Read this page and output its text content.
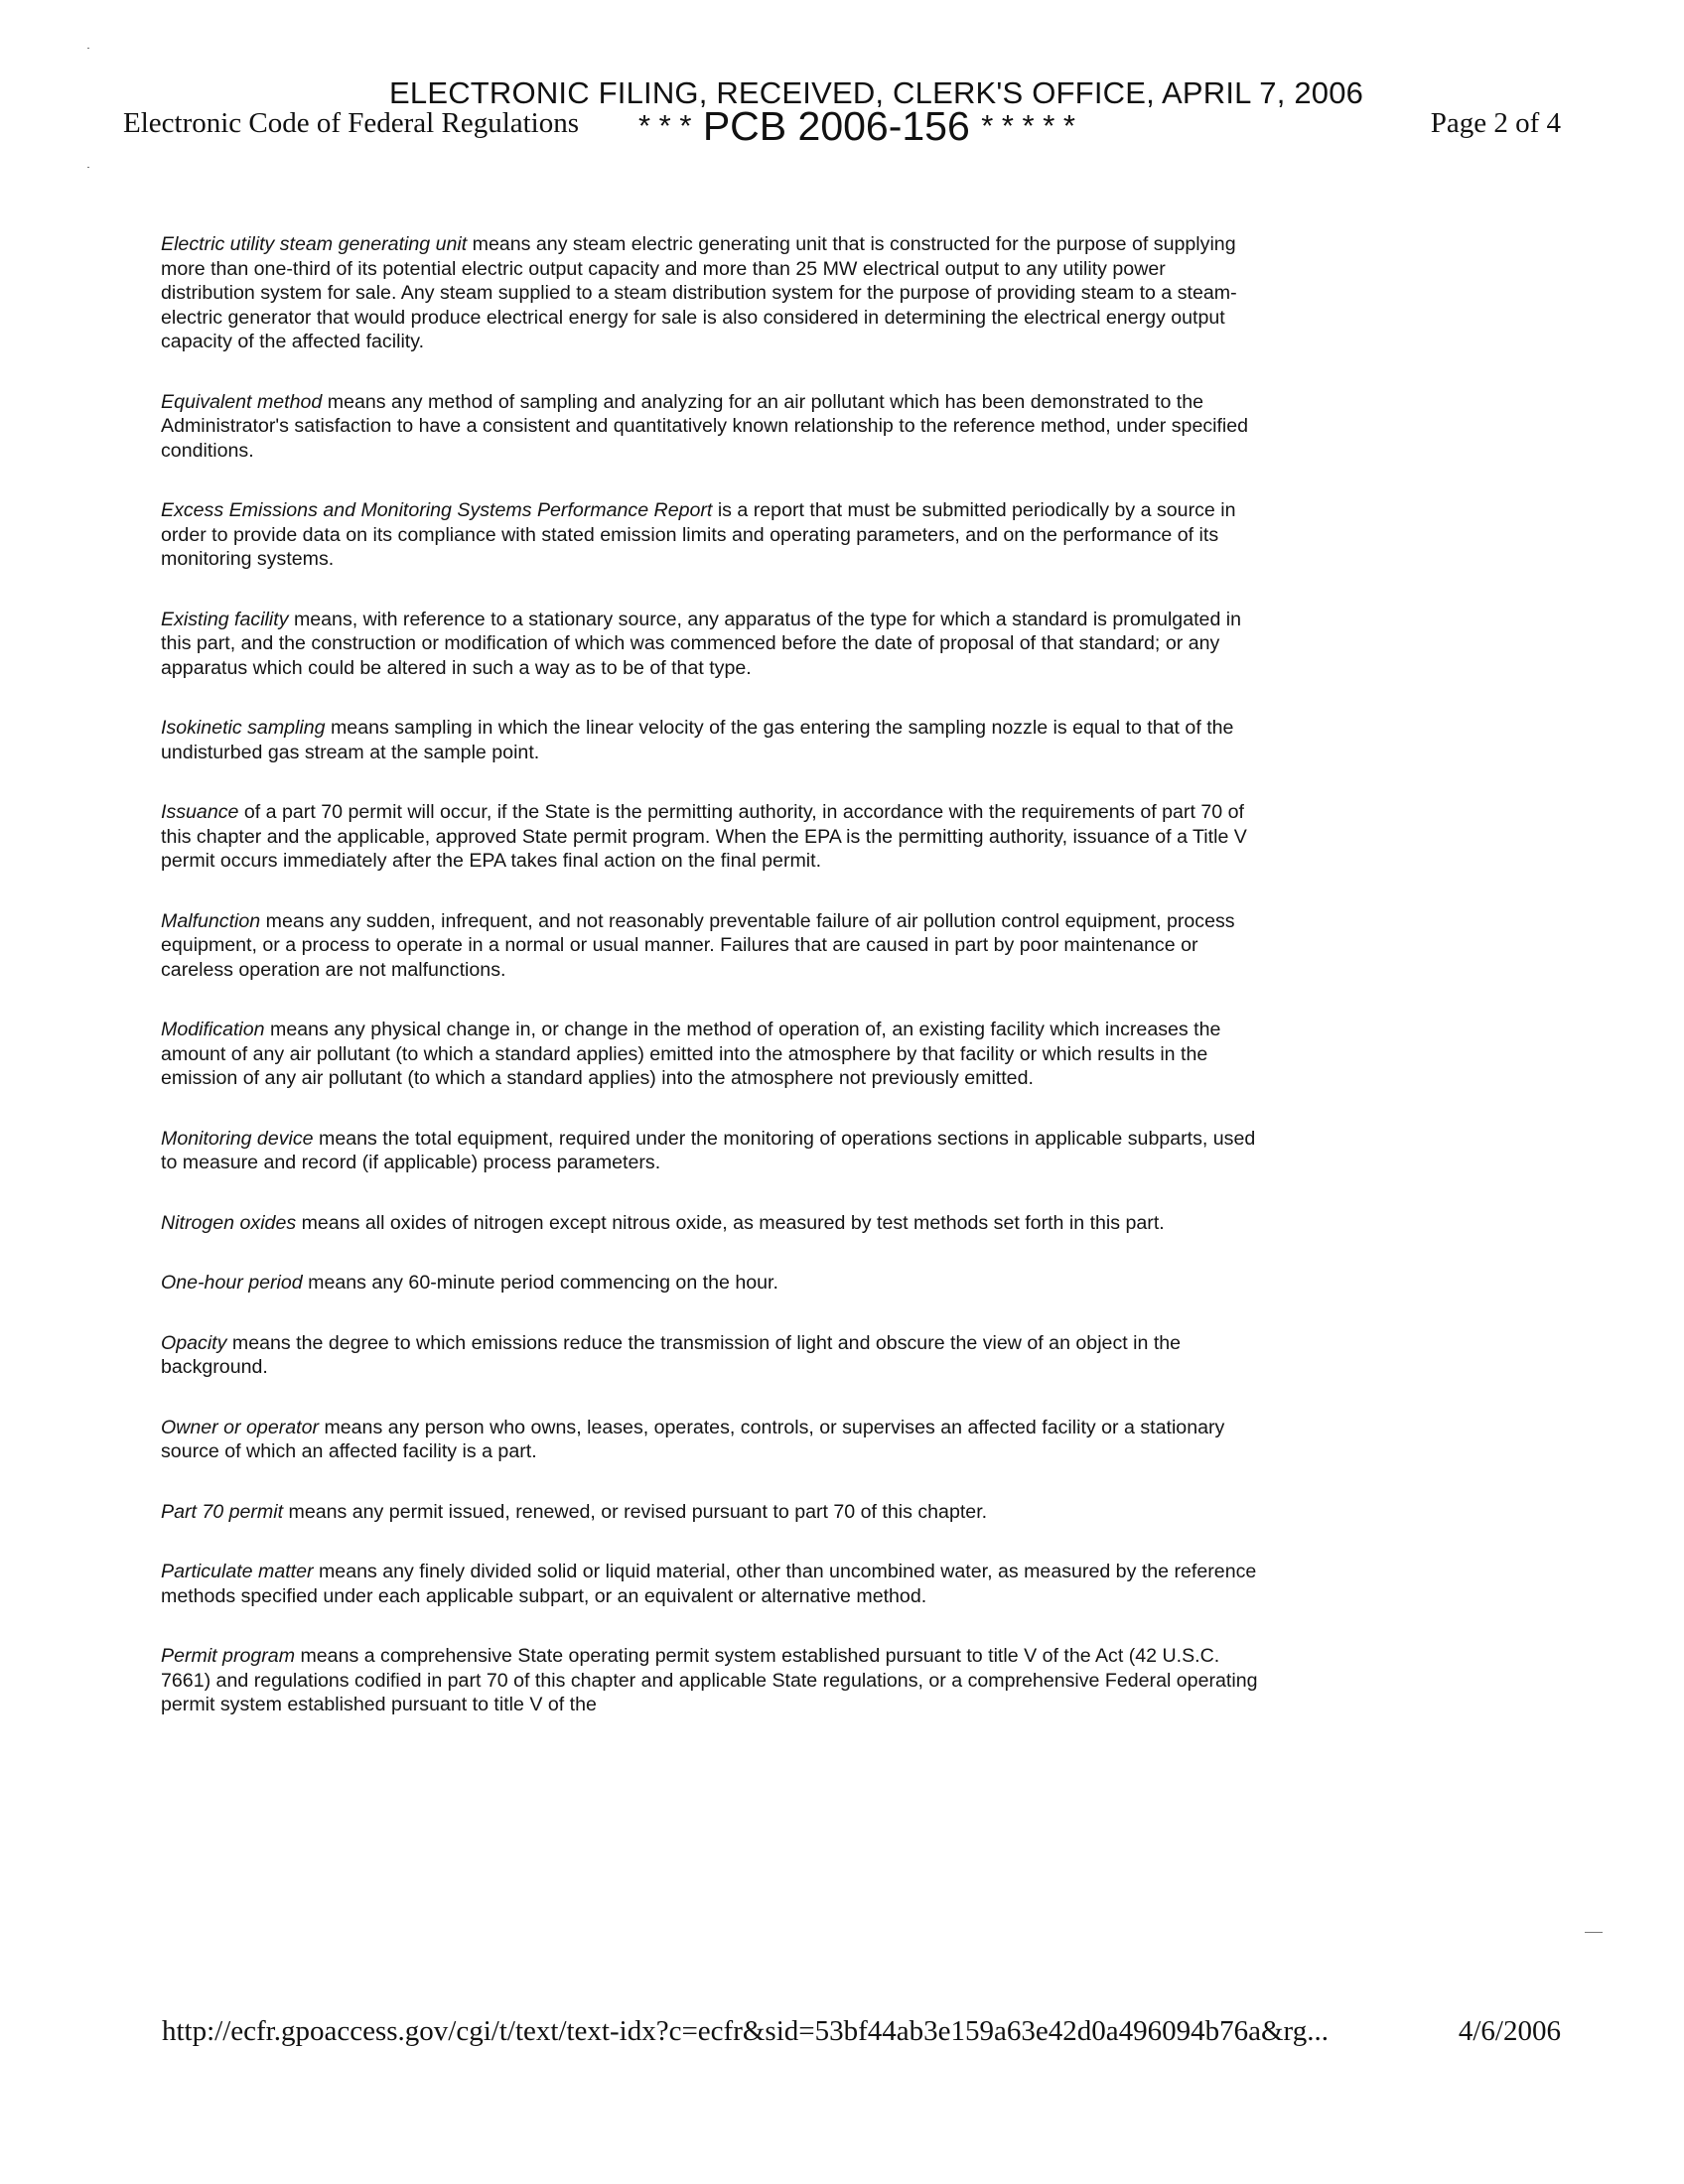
ELECTRONIC FILING, RECEIVED, CLERK'S OFFICE, APRIL 7, 2006
Electronic Code of Federal Regulations * * * PCB 2006-156 * * * * *	Page 2 of 4

Electric utility steam generating unit means any steam electric generating unit that is constructed for the purpose of supplying more than one-third of its potential electric output capacity and more than 25 MW electrical output to any utility power distribution system for sale. Any steam supplied to a steam distribution system for the purpose of providing steam to a steam-electric generator that would produce electrical energy for sale is also considered in determining the electrical energy output capacity of the affected facility.

Equivalent method means any method of sampling and analyzing for an air pollutant which has been demonstrated to the Administrator's satisfaction to have a consistent and quantitatively known relationship to the reference method, under specified conditions.

Excess Emissions and Monitoring Systems Performance Report is a report that must be submitted periodically by a source in order to provide data on its compliance with stated emission limits and operating parameters, and on the performance of its monitoring systems.

Existing facility means, with reference to a stationary source, any apparatus of the type for which a standard is promulgated in this part, and the construction or modification of which was commenced before the date of proposal of that standard; or any apparatus which could be altered in such a way as to be of that type.

Isokinetic sampling means sampling in which the linear velocity of the gas entering the sampling nozzle is equal to that of the undisturbed gas stream at the sample point.

Issuance of a part 70 permit will occur, if the State is the permitting authority, in accordance with the requirements of part 70 of this chapter and the applicable, approved State permit program. When the EPA is the permitting authority, issuance of a Title V permit occurs immediately after the EPA takes final action on the final permit.

Malfunction means any sudden, infrequent, and not reasonably preventable failure of air pollution control equipment, process equipment, or a process to operate in a normal or usual manner. Failures that are caused in part by poor maintenance or careless operation are not malfunctions.

Modification means any physical change in, or change in the method of operation of, an existing facility which increases the amount of any air pollutant (to which a standard applies) emitted into the atmosphere by that facility or which results in the emission of any air pollutant (to which a standard applies) into the atmosphere not previously emitted.

Monitoring device means the total equipment, required under the monitoring of operations sections in applicable subparts, used to measure and record (if applicable) process parameters.

Nitrogen oxides means all oxides of nitrogen except nitrous oxide, as measured by test methods set forth in this part.

One-hour period means any 60-minute period commencing on the hour.

Opacity means the degree to which emissions reduce the transmission of light and obscure the view of an object in the background.

Owner or operator means any person who owns, leases, operates, controls, or supervises an affected facility or a stationary source of which an affected facility is a part.

Part 70 permit means any permit issued, renewed, or revised pursuant to part 70 of this chapter.

Particulate matter means any finely divided solid or liquid material, other than uncombined water, as measured by the reference methods specified under each applicable subpart, or an equivalent or alternative method.

Permit program means a comprehensive State operating permit system established pursuant to title V of the Act (42 U.S.C. 7661) and regulations codified in part 70 of this chapter and applicable State regulations, or a comprehensive Federal operating permit system established pursuant to title V of the

http://ecfr.gpoaccess.gov/cgi/t/text/text-idx?c=ecfr&sid=53bf44ab3e159a63e42d0a496094b76a&rg...	4/6/2006
